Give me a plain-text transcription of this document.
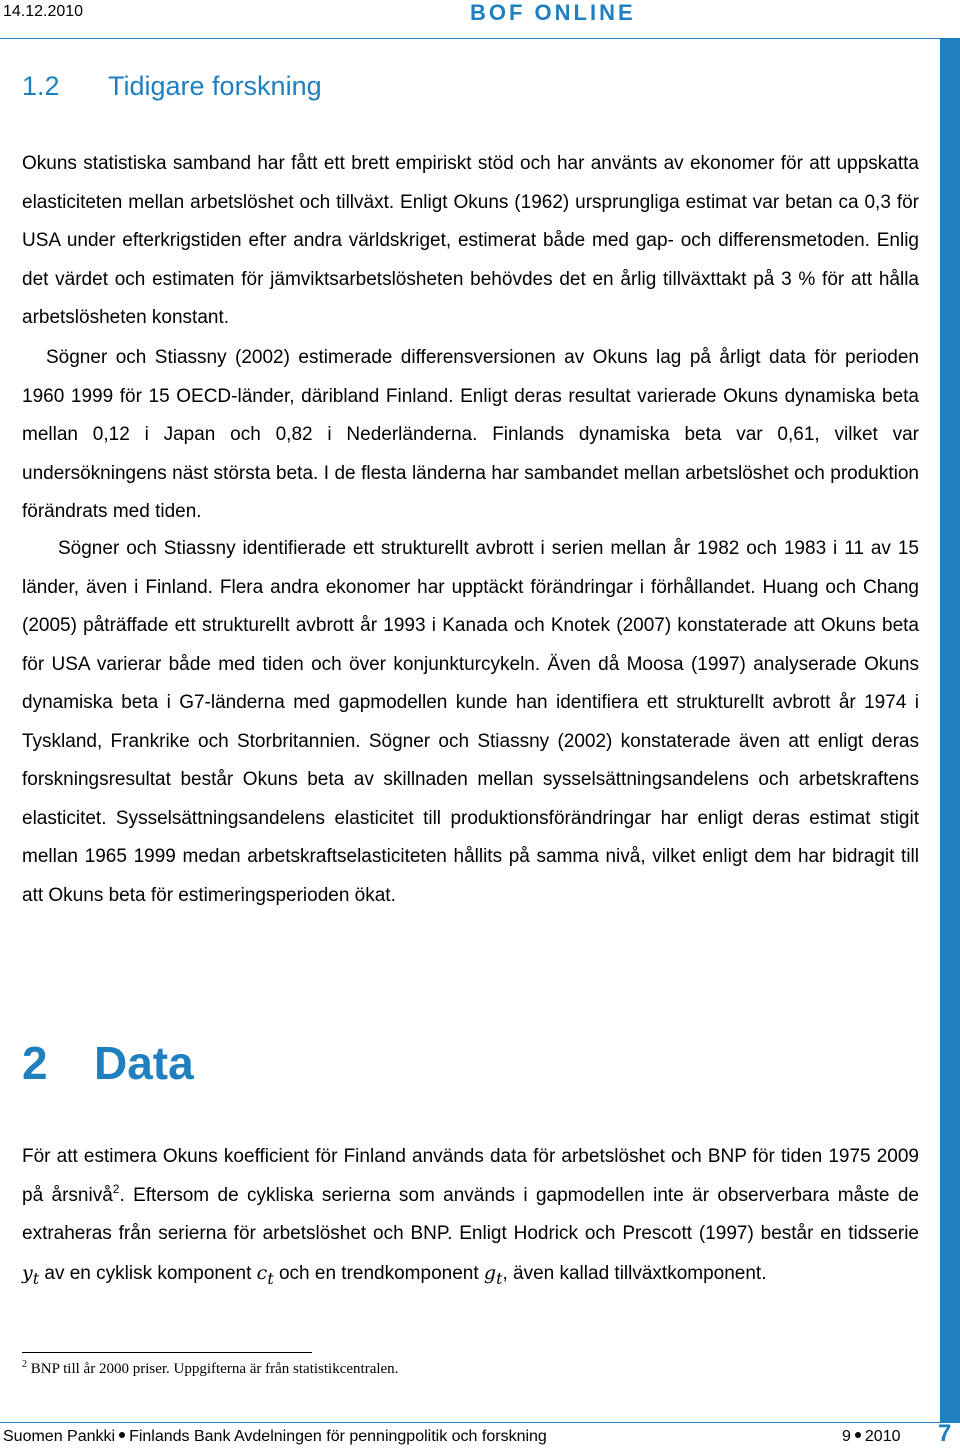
14.12.2010	BOF ONLINE
1.2 Tidigare forskning

Okuns statistiska samband har fått ett brett empiriskt stöd och har använts av ekonomer för att uppskatta elasticiteten mellan arbetslöshet och tillväxt. Enligt Okuns (1962) ursprungliga estimat var betan ca 0,3 för USA under efterkrigstiden efter andra världskriget, estimerat både med gap- och differensmetoden. Enlig det värdet och estimaten för jämviktsarbetslösheten behövdes det en årlig tillväxttakt på 3 % för att hålla arbetslösheten konstant.

Sögner och Stiassny (2002) estimerade differensversionen av Okuns lag på årligt data för perioden 1960 1999 för 15 OECD-länder, däribland Finland. Enligt deras resultat varierade Okuns dynamiska beta mellan 0,12 i Japan och 0,82 i Nederländerna. Finlands dynamiska beta var 0,61, vilket var undersökningens näst största beta. I de flesta länderna har sambandet mellan arbetslöshet och produktion förändrats med tiden.

Sögner och Stiassny identifierade ett strukturellt avbrott i serien mellan år 1982 och 1983 i 11 av 15 länder, även i Finland. Flera andra ekonomer har upptäckt förändringar i förhållandet. Huang och Chang (2005) påträffade ett strukturellt avbrott år 1993 i Kanada och Knotek (2007) konstaterade att Okuns beta för USA varierar både med tiden och över konjunkturcykeln. Även då Moosa (1997) analyserade Okuns dynamiska beta i G7-länderna med gapmodellen kunde han identifiera ett strukturellt avbrott år 1974 i Tyskland, Frankrike och Storbritannien. Sögner och Stiassny (2002) konstaterade även att enligt deras forskningsresultat består Okuns beta av skillnaden mellan sysselsättningsandelens och arbetskraftens elasticitet. Sysselsättningsandelens elasticitet till produktionsförändringar har enligt deras estimat stigit mellan 1965 1999 medan arbetskraftselasticiteten hållits på samma nivå, vilket enligt dem har bidragit till att Okuns beta för estimeringsperioden ökat.

2 Data

För att estimera Okuns koefficient för Finland används data för arbetslöshet och BNP för tiden 1975 2009 på årsnivå$^2$. Eftersom de cykliska serierna som används i gapmodellen inte är observerbara måste de extraheras från serierna för arbetslöshet och BNP. Enligt Hodrick och Prescott (1997) består en tidsserie $y_t$ av en cyklisk komponent $c_t$ och en trendkomponent $g_t$, även kallad tillväxtkomponent.

$^2$ BNP till år 2000 priser. Uppgifterna är från statistikcentralen.
Suomen Pankki Finlands Bank Avdelningen för penningpolitik och forskning	9 2010 7
